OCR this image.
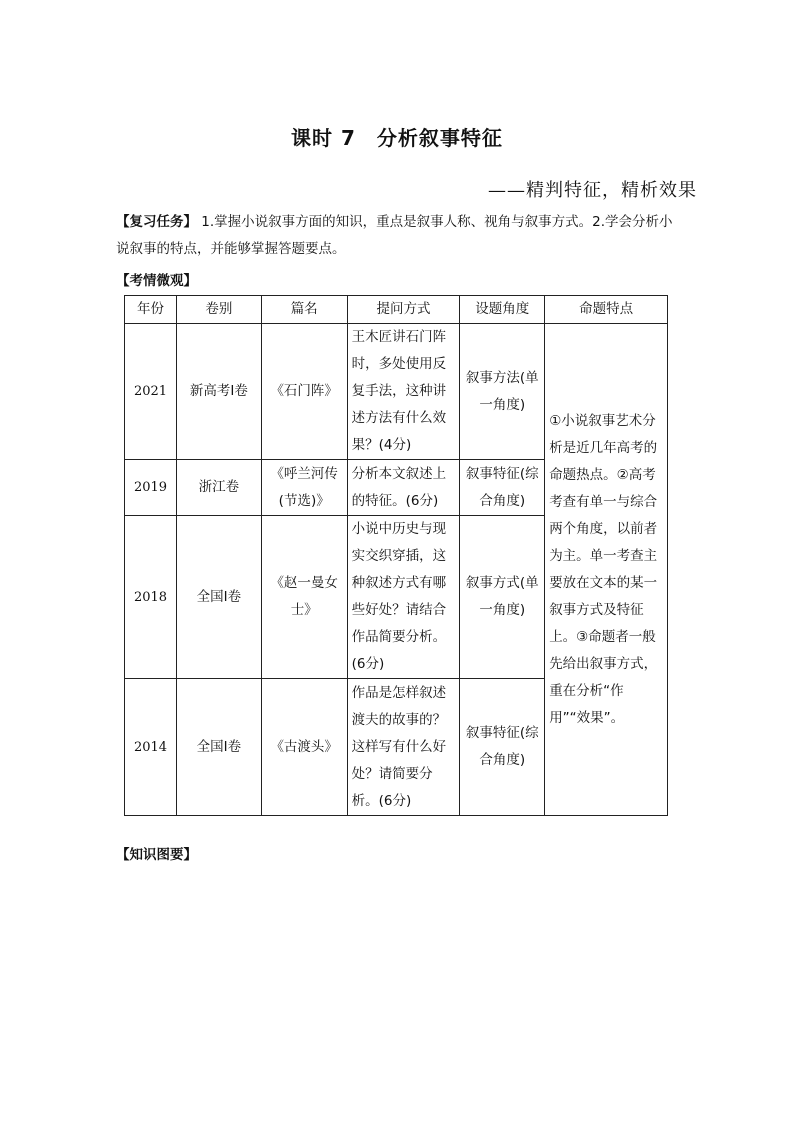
课时 7　分析叙事特征
——精判特征，精析效果
【复习任务】 1.掌握小说叙事方面的知识，重点是叙事人称、视角与叙事方式。2.学会分析小说叙事的特点，并能够掌握答题要点。
【考情微观】
年份	卷别	篇名	提问方式	设题角度	命题特点
2021	新高考Ⅰ卷	《石门阵》	王木匠讲石门阵时，多处使用反复手法，这种讲述方法有什么效果？(4分)	叙事方法(单一角度)	①小说叙事艺术分析是近几年高考的命题热点。②高考考查有单一与综合两个角度，以前者为主。单一考查主要放在文本的某一叙事方式及特征上。③命题者一般先给出叙事方式，重在分析“作用”“效果”。
2019	浙江卷	《呼兰河传(节选)》	分析本文叙述上的特征。(6分)	叙事特征(综合角度)	
2018	全国Ⅰ卷	《赵一曼女士》	小说中历史与现实交织穿插，这种叙述方式有哪些好处？请结合作品简要分析。(6分)	叙事方式(单一角度)	
2014	全国Ⅰ卷	《古渡头》	作品是怎样叙述渡夫的故事的？这样写有什么好处？请简要分析。(6分)	叙事特征(综合角度)	
【知识图要】
